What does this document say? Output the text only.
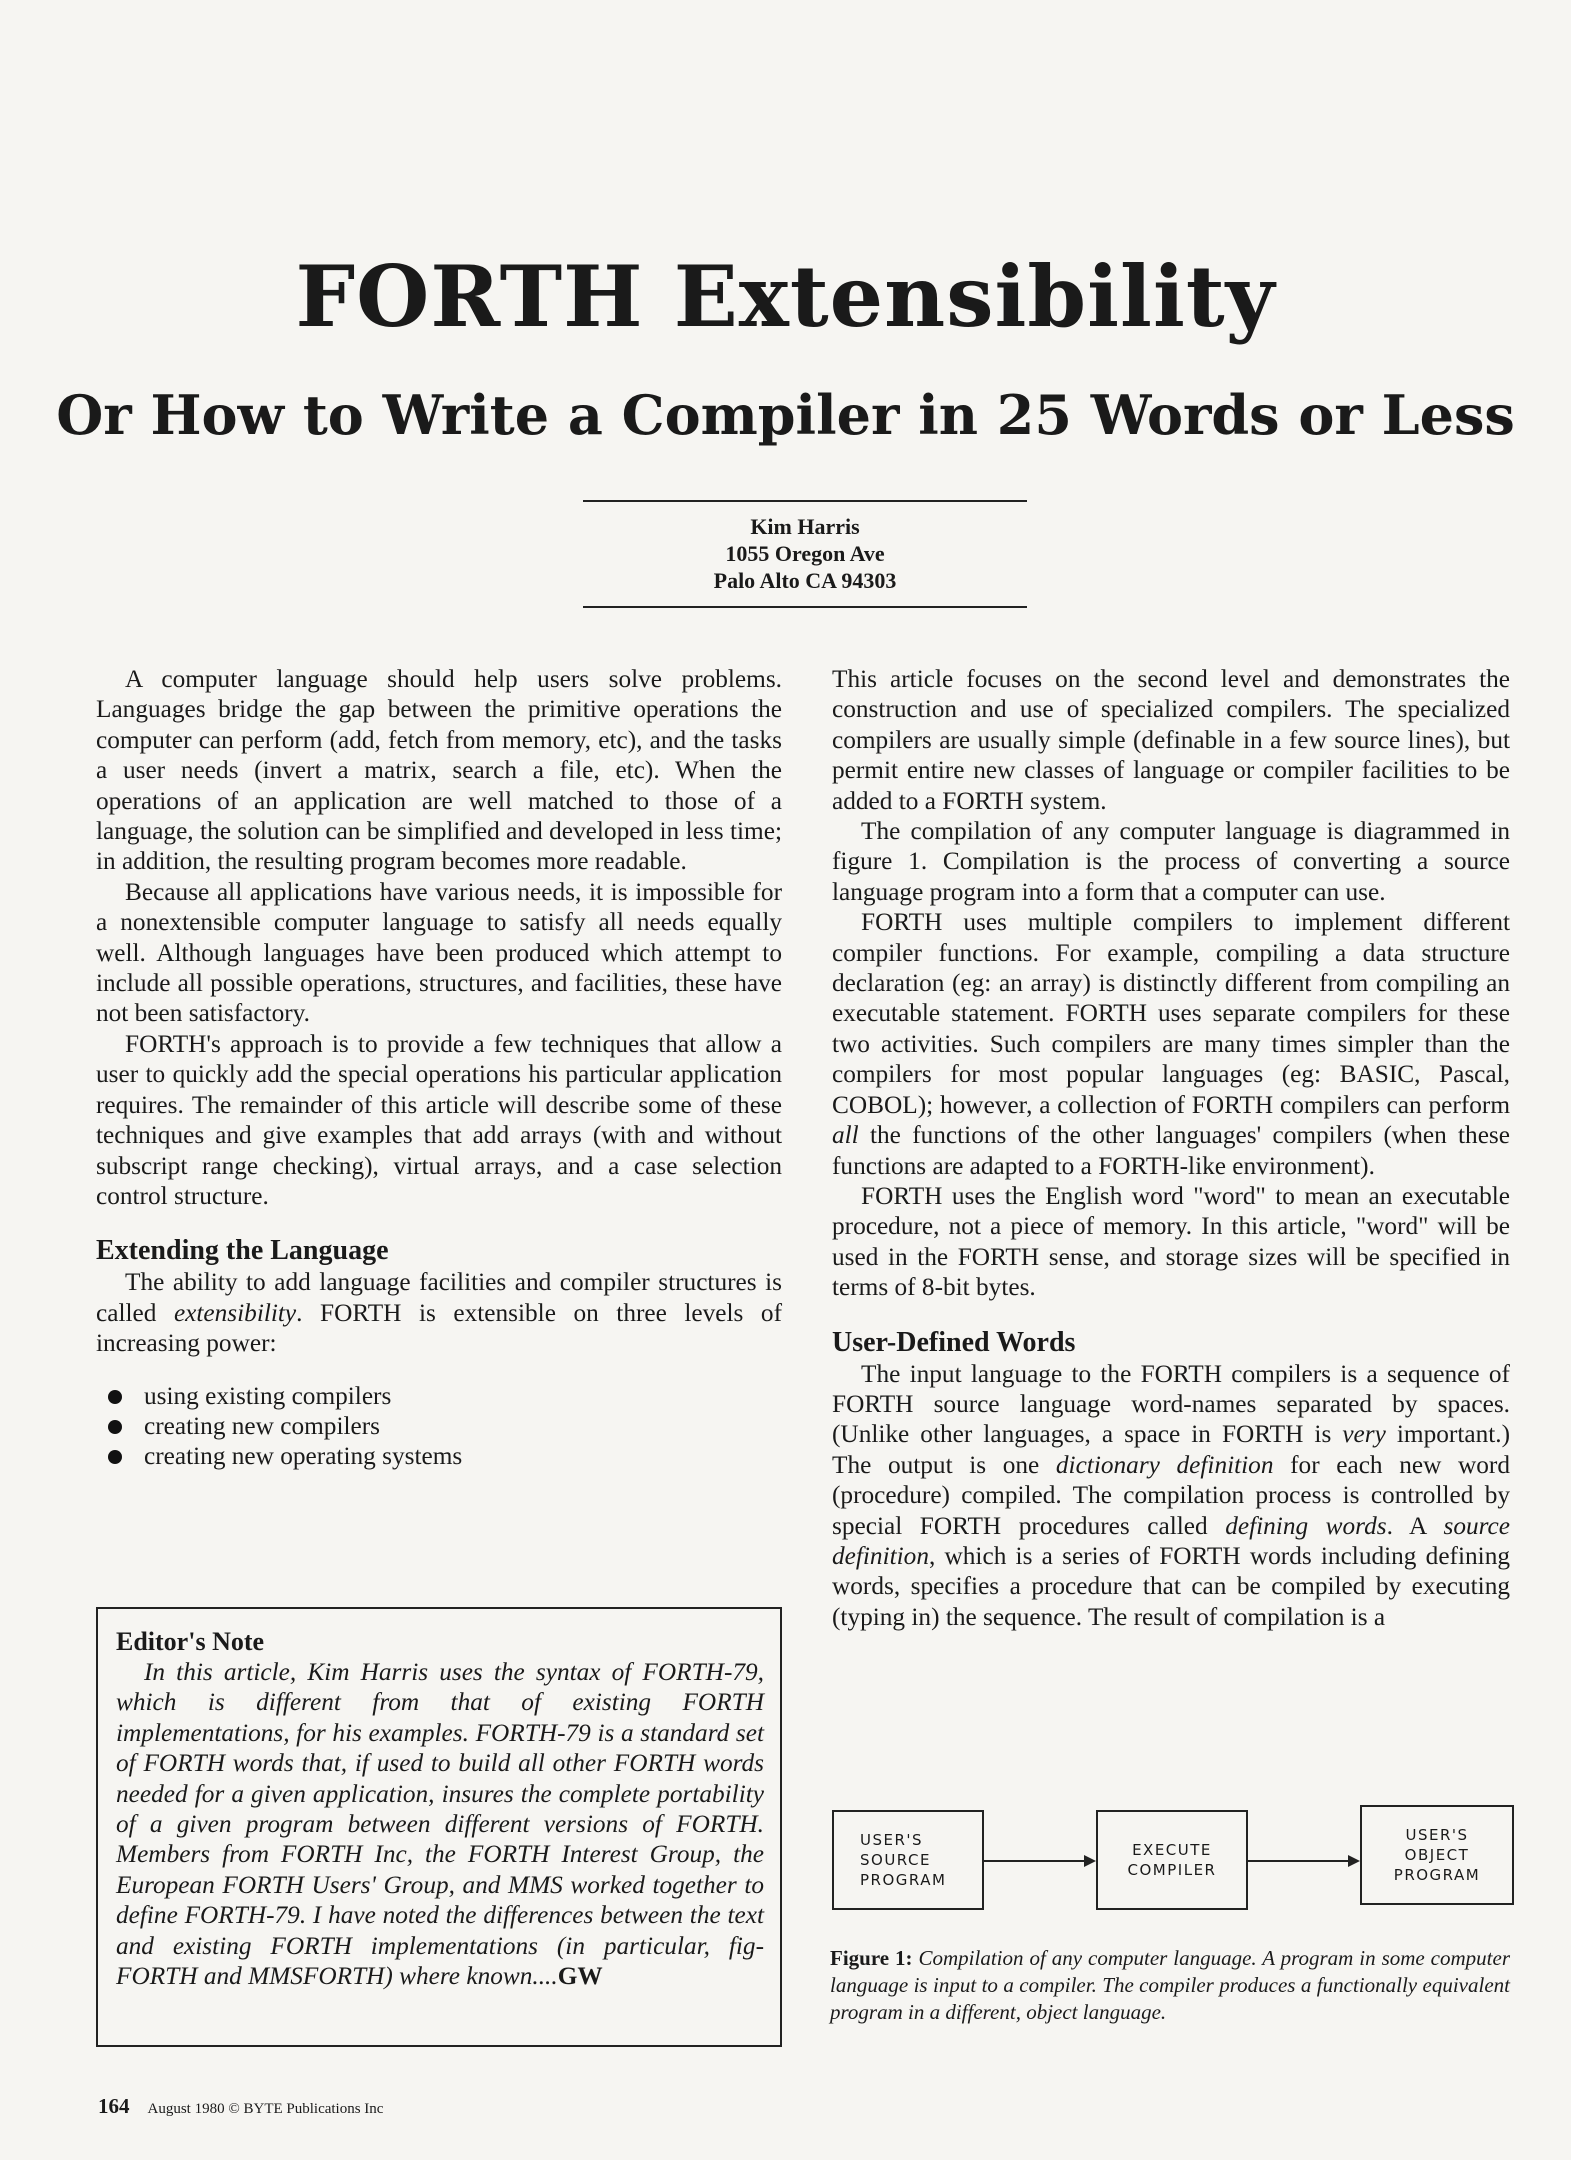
FORTH Extensibility
Or How to Write a Compiler in 25 Words or Less
Kim Harris
1055 Oregon Ave
Palo Alto CA 94303

A computer language should help users solve problems. Languages bridge the gap between the primitive operations the computer can perform (add, fetch from memory, etc), and the tasks a user needs (invert a matrix, search a file, etc). When the operations of an application are well matched to those of a language, the solution can be simplified and developed in less time; in addition, the resulting program becomes more readable.

Because all applications have various needs, it is impossible for a nonextensible computer language to satisfy all needs equally well. Although languages have been produced which attempt to include all possible operations, structures, and facilities, these have not been satisfactory.

FORTH's approach is to provide a few techniques that allow a user to quickly add the special operations his particular application requires. The remainder of this article will describe some of these techniques and give examples that add arrays (with and without subscript range checking), virtual arrays, and a case selection control structure.

Extending the Language

The ability to add language facilities and compiler structures is called extensibility. FORTH is extensible on three levels of increasing power:

using existing compilers
creating new compilers
creating new operating systems
Editor's Note

In this article, Kim Harris uses the syntax of FORTH-79, which is different from that of existing FORTH implementations, for his examples. FORTH-79 is a standard set of FORTH words that, if used to build all other FORTH words needed for a given application, insures the complete portability of a given program between different versions of FORTH. Members from FORTH Inc, the FORTH Interest Group, the European FORTH Users' Group, and MMS worked together to define FORTH-79. I have noted the differences between the text and existing FORTH implementations (in particular, fig-FORTH and MMSFORTH) where known....GW

This article focuses on the second level and demonstrates the construction and use of specialized compilers. The specialized compilers are usually simple (definable in a few source lines), but permit entire new classes of language or compiler facilities to be added to a FORTH system.

The compilation of any computer language is diagrammed in figure 1. Compilation is the process of converting a source language program into a form that a computer can use.

FORTH uses multiple compilers to implement different compiler functions. For example, compiling a data structure declaration (eg: an array) is distinctly different from compiling an executable statement. FORTH uses separate compilers for these two activities. Such compilers are many times simpler than the compilers for most popular languages (eg: BASIC, Pascal, COBOL); however, a collection of FORTH compilers can perform all the functions of the other languages' compilers (when these functions are adapted to a FORTH-like environment).

FORTH uses the English word "word" to mean an executable procedure, not a piece of memory. In this article, "word" will be used in the FORTH sense, and storage sizes will be specified in terms of 8-bit bytes.

User-Defined Words

The input language to the FORTH compilers is a sequence of FORTH source language word-names separated by spaces. (Unlike other languages, a space in FORTH is very important.) The output is one dictionary definition for each new word (procedure) compiled. The compilation process is controlled by special FORTH procedures called defining words. A source definition, which is a series of FORTH words including defining words, specifies a procedure that can be compiled by executing (typing in) the sequence. The result of compilation is a

USER'S
SOURCE
PROGRAM
EXECUTE
COMPILER
USER'S
OBJECT
PROGRAM
Figure 1: Compilation of any computer language. A program in some computer language is input to a compiler. The compiler produces a functionally equivalent program in a different, object language.
164 August 1980 © BYTE Publications Inc
